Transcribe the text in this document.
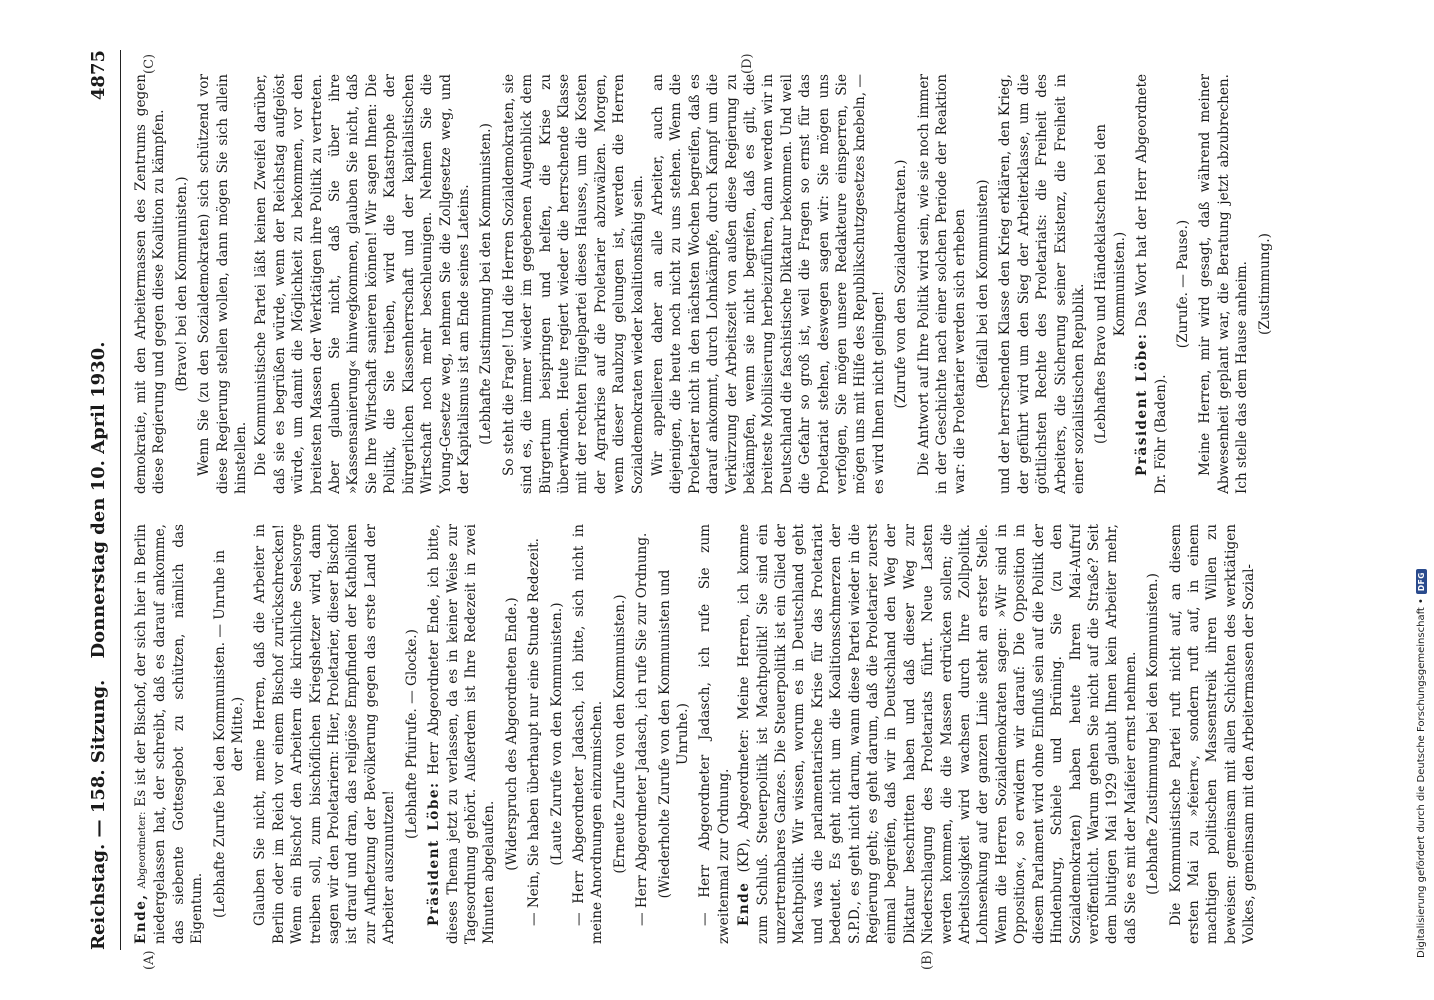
Reichstag. — 158. Sitzung.
Donnerstag den 10. April 1930.
4875

Ende, Abgeordneter: Es ist der Bischof, der sich hier in Berlin niedergelassen hat, der schreibt, daß es darauf ankomme, das siebente Gottesgebot zu schützen, nämlich das Eigentum. (Lebhafte Zurufe bei den Kommunisten. — Unruhe in der Mitte.) Glauben Sie nicht, meine Herren, daß die Arbeiter in Berlin oder im Reich vor einem Bischof zurückschrecken! Wenn ein Bischof den Arbeitern die kirchliche Seelsorge treiben soll, zum bischöflichen Kriegshetzer wird, dann sagen wir den Proletariern: Hier, Proletarier, dieser Bischof ist drauf und dran, das religiöse Empfinden der Katholiken zur Aufhetzung der Bevölkerung gegen das erste Land der Arbeiter auszunutzen!

(Lebhafte Pfuirufe. — Glocke.)

Präsident Löbe: Herr Abgeordneter Ende, ich bitte, dieses Thema jetzt zu verlassen, da es in keiner Weise zur Tagesordnung gehört. Außerdem ist Ihre Redezeit in zwei Minuten abgelaufen.

(Widerspruch des Abgeordneten Ende.) — Nein, Sie haben überhaupt nur eine Stunde Redezeit. (Laute Zurufe von den Kommunisten.) — Herr Abgeordneter Jadasch, ich bitte, sich nicht in meine Anordnungen einzumischen. (Erneute Zurufe von den Kommunisten.) — Herr Abgeordneter Jadasch, ich rufe Sie zur Ordnung. (Wiederholte Zurufe von den Kommunisten und Unruhe.) — Herr Abgeordneter Jadasch, ich rufe Sie zum zweitenmal zur Ordnung. Ende (KP), Abgeordneter: Meine Herren, ich komme zum Schluß. Steuerpolitik ist Machtpolitik! Sie sind ein unzertrennbares Ganzes. Die Steuerpolitik ist ein Glied der Machtpolitik. Wir wissen, worum es in Deutschland geht und was die parlamentarische Krise für das Proletariat bedeutet. Es geht nicht um die Koalitionsschmerzen der S.P.D., es geht nicht darum, wann diese Partei wieder in die Regierung geht; es geht darum, daß die Proletarier zuerst einmal begreifen, daß wir in Deutschland den Weg der Diktatur beschritten haben und daß dieser Weg zur Niederschlagung des Proletariats führt. Neue Lasten werden kommen, die die Massen erdrücken sollen; die Arbeitslosigkeit wird wachsen durch Ihre Zollpolitik. Lohnsenkung auf der ganzen Linie steht an erster Stelle. Wenn die Herren Sozialdemokraten sagen: »Wir sind in Opposition«, so erwidern wir darauf: Die Opposition in diesem Parlament wird ohne Einfluß sein auf die Politik der Hindenburg, Schiele und Brüning. Sie (zu den Sozialdemokraten) haben heute Ihren Mai-Aufruf veröffentlicht. Warum gehen Sie nicht auf die Straße? Seit dem blutigen Mai 1929 glaubt Ihnen kein Arbeiter mehr, daß Sie es mit der Maifeier ernst nehmen. (Lebhafte Zustimmung bei den Kommunisten.) Die Kommunistische Partei ruft nicht auf, an diesem ersten Mai zu »feiern«, sondern ruft auf, in einem machtigen politischen Massenstreik ihren Willen zu beweisen: gemeinsam mit allen Schichten des werktätigen Volkes, gemeinsam mit den Arbeitermassen der Sozial-

demokratie, mit den Arbeitermassen des Zentrums gegen diese Regierung und gegen diese Koalition zu kämpfen. (Bravo! bei den Kommunisten.) Wenn Sie (zu den Sozialdemokraten) sich schützend vor diese Regierung stellen wollen, dann mögen Sie sich allein hinstellen. Die Kommunistische Partei läßt keinen Zweifel darüber, daß sie es begrüßen würde, wenn der Reichstag aufgelöst würde, um damit die Möglichkeit zu bekommen, vor den breitesten Massen der Werktätigen ihre Politik zu vertreten. Aber glauben Sie nicht, daß Sie über ihre »Kassensanierung« hinwegkommen, glauben Sie nicht, daß Sie Ihre Wirtschaft sanieren können! Wir sagen Ihnen: Die Politik, die Sie treiben, wird die Katastrophe der bürgerlichen Klassenherrschaft und der kapitalistischen Wirtschaft noch mehr beschleunigen. Nehmen Sie die Young-Gesetze weg, nehmen Sie die Zollgesetze weg, und der Kapitalismus ist am Ende seines Lateins. (Lebhafte Zustimmung bei den Kommunisten.) So steht die Frage! Und die Herren Sozialdemokraten, sie sind es, die immer wieder im gegebenen Augenblick dem Bürgertum beispringen und helfen, die Krise zu überwinden. Heute regiert wieder die herrschende Klasse mit der rechten Flügelpartei dieses Hauses, um die Kosten der Agrarkrise auf die Proletarier abzuwälzen. Morgen, wenn dieser Raubzug gelungen ist, werden die Herren Sozialdemokraten wieder koalitionsfähig sein. Wir appellieren daher an alle Arbeiter, auch an diejenigen, die heute noch nicht zu uns stehen. Wenn die Proletarier nicht in den nächsten Wochen begreifen, daß es darauf ankommt, durch Lohnkämpfe, durch Kampf um die Verkürzung der Arbeitszeit von außen diese Regierung zu bekämpfen, wenn sie nicht begreifen, daß es gilt, die breiteste Mobilisierung herbeizuführen, dann werden wir in Deutschland die faschistische Diktatur bekommen. Und weil die Gefahr so groß ist, weil die Fragen so ernst für das Proletariat stehen, deswegen sagen wir: Sie mögen uns verfolgen, Sie mögen unsere Redakteure einsperren, Sie mögen uns mit Hilfe des Republikschutzgesetzes knebeln, — es wird Ihnen nicht gelingen! (Zurufe von den Sozialdemokraten.) Die Antwort auf Ihre Politik wird sein, wie sie noch immer in der Geschichte nach einer solchen Periode der Reaktion war: die Proletarier werden sich erheben (Beifall bei den Kommunisten) und der herrschenden Klasse den Krieg erklären, den Krieg, der geführt wird um den Sieg der Arbeiterklasse, um die göttlichsten Rechte des Proletariats: die Freiheit des Arbeiters, die Sicherung seiner Existenz, die Freiheit in einer sozialistischen Republik. (Lebhaftes Bravo und Händeklatschen bei den Kommunisten.)

Präsident Löbe: Das Wort hat der Herr Abgeordnete Dr. Föhr (Baden).

(Zurufe. — Pause.) Meine Herren, mir wird gesagt, daß während meiner Abwesenheit geplant war, die Beratung jetzt abzubrechen. Ich stelle das dem Hause anheim. (Zustimmung.)

(A)	(B)
(C)	(D)
Digitalisierung gefördert durch die Deutsche Forschungsgemeinschaft •
DFG
